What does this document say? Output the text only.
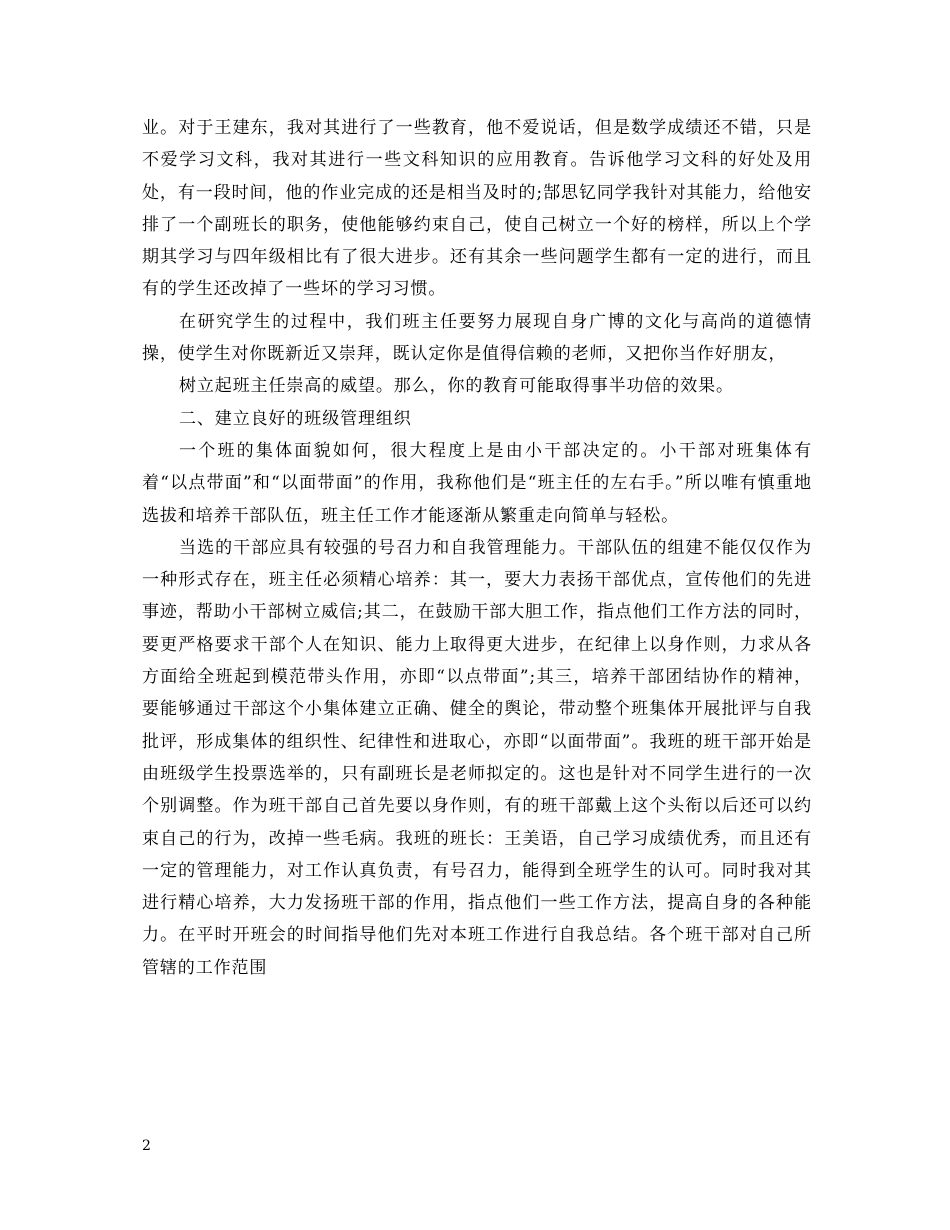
业。对于王建东，我对其进行了一些教育，他不爱说话，但是数学成绩还不错，只是不爱学习文科，我对其进行一些文科知识的应用教育。告诉他学习文科的好处及用处，有一段时间，他的作业完成的还是相当及时的;郜思钇同学我针对其能力，给他安排了一个副班长的职务，使他能够约束自己，使自己树立一个好的榜样，所以上个学期其学习与四年级相比有了很大进步。还有其余一些问题学生都有一定的进行，而且有的学生还改掉了一些坏的学习习惯。

在研究学生的过程中，我们班主任要努力展现自身广博的文化与高尚的道德情操，使学生对你既新近又崇拜，既认定你是值得信赖的老师，又把你当作好朋友，

树立起班主任崇高的威望。那么，你的教育可能取得事半功倍的效果。

二、建立良好的班级管理组织

一个班的集体面貌如何，很大程度上是由小干部决定的。小干部对班集体有着“以点带面”和“以面带面”的作用，我称他们是“班主任的左右手。”所以唯有慎重地选拔和培养干部队伍，班主任工作才能逐渐从繁重走向简单与轻松。

当选的干部应具有较强的号召力和自我管理能力。干部队伍的组建不能仅仅作为一种形式存在，班主任必须精心培养：其一，要大力表扬干部优点，宣传他们的先进事迹，帮助小干部树立威信;其二，在鼓励干部大胆工作，指点他们工作方法的同时，要更严格要求干部个人在知识、能力上取得更大进步，在纪律上以身作则，力求从各方面给全班起到模范带头作用，亦即“以点带面”;其三，培养干部团结协作的精神，要能够通过干部这个小集体建立正确、健全的舆论，带动整个班集体开展批评与自我批评，形成集体的组织性、纪律性和进取心，亦即“以面带面”。我班的班干部开始是由班级学生投票选举的，只有副班长是老师拟定的。这也是针对不同学生进行的一次个别调整。作为班干部自己首先要以身作则，有的班干部戴上这个头衔以后还可以约束自己的行为，改掉一些毛病。我班的班长：王美语，自己学习成绩优秀，而且还有一定的管理能力，对工作认真负责，有号召力，能得到全班学生的认可。同时我对其进行精心培养，大力发扬班干部的作用，指点他们一些工作方法，提高自身的各种能力。在平时开班会的时间指导他们先对本班工作进行自我总结。各个班干部对自己所管辖的工作范围

2
